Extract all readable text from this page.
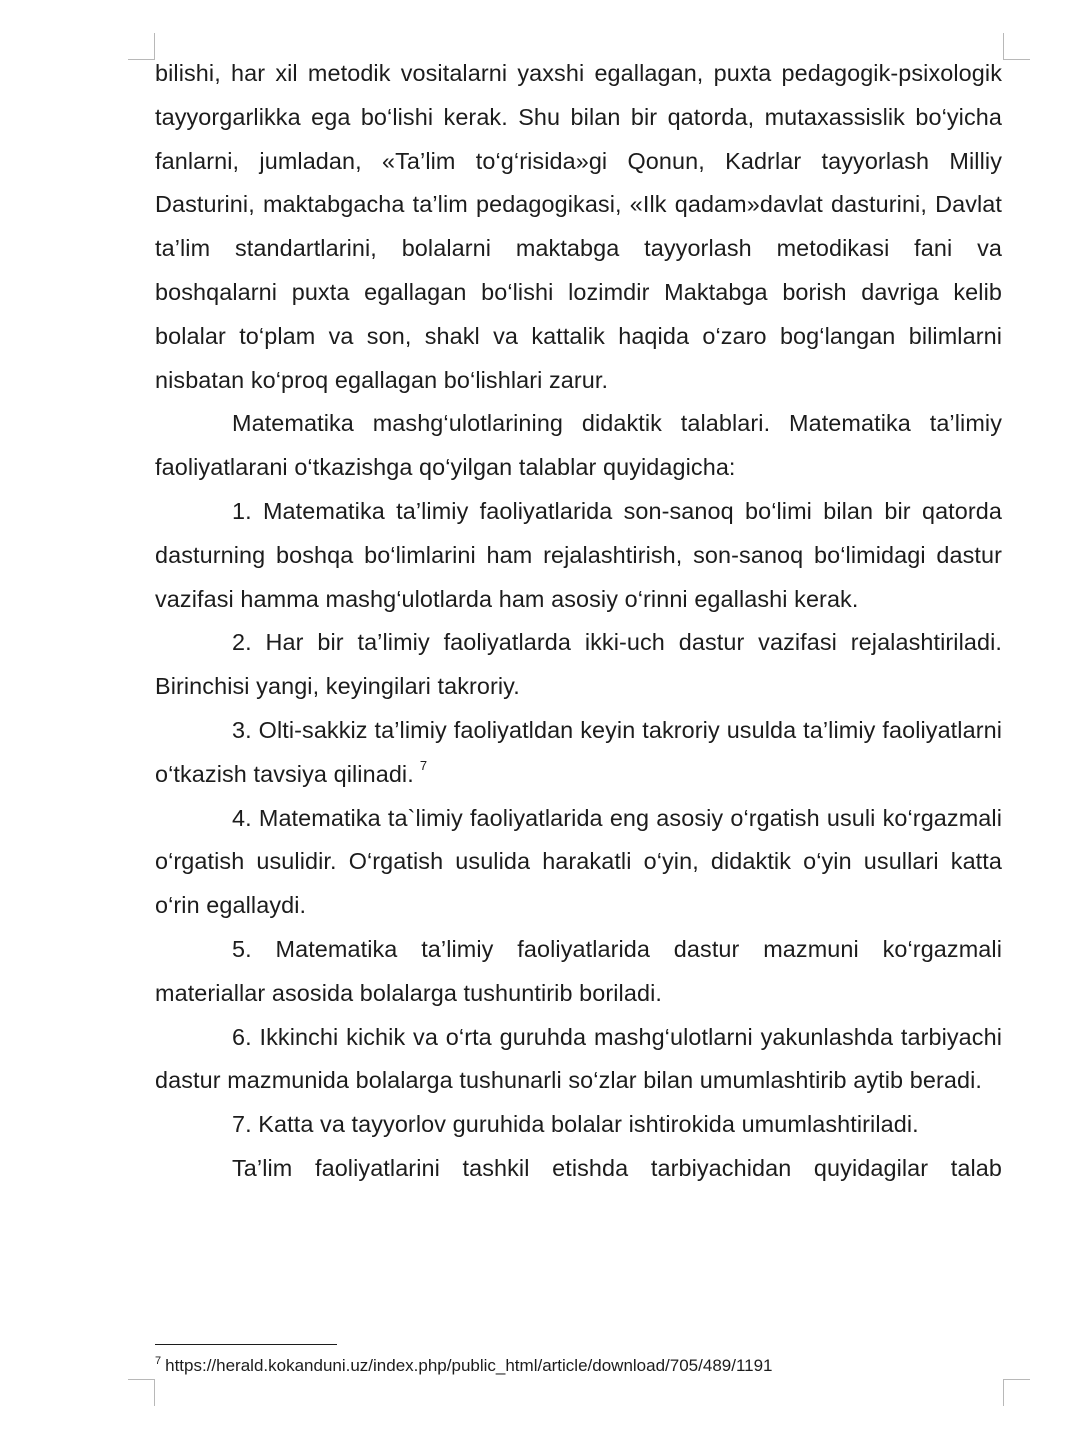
bilishi, har xil metodik vositalarni yaxshi egallagan, puxta pedagogik-psixologik tayyorgarlikka ega bo‘lishi kerak. Shu bilan bir qatorda, mutaxassislik bo‘yicha fanlarni, jumladan, «Ta’lim to‘g‘risida»gi Qonun, Kadrlar tayyorlash Milliy Dasturini, maktabgacha ta’lim pedagogikasi, «Ilk qadam»davlat dasturini, Davlat ta’lim standartlarini, bolalarni maktabga tayyorlash metodikasi fani va boshqalarni puxta egallagan bo‘lishi lozimdir Maktabga borish davriga kelib bolalar to‘plam va son, shakl va kattalik haqida o‘zaro bog‘langan bilimlarni nisbatan ko‘proq egallagan bo‘lishlari zarur.

Matematika mashg‘ulotlarining didaktik talablari. Matematika ta’limiy faoliyatlarani o‘tkazishga qo‘yilgan talablar quyidagicha:

1. Matematika ta’limiy faoliyatlarida son-sanoq bo‘limi bilan bir qatorda dasturning boshqa bo‘limlarini ham rejalashtirish, son-sanoq bo‘limidagi dastur vazifasi hamma mashg‘ulotlarda ham asosiy o‘rinni egallashi kerak.

2. Har bir ta’limiy faoliyatlarda ikki-uch dastur vazifasi rejalashtiriladi. Birinchisi yangi, keyingilari takroriy.

3. Olti-sakkiz ta’limiy faoliyatldan keyin takroriy usulda ta’limiy faoliyatlarni o‘tkazish tavsiya qilinadi. $^7$

4. Matematika ta`limiy faoliyatlarida eng asosiy o‘rgatish usuli ko‘rgazmali o‘rgatish usulidir. O‘rgatish usulida harakatli o‘yin, didaktik o‘yin usullari katta o‘rin egallaydi.

5. Matematika ta’limiy faoliyatlarida dastur mazmuni ko‘rgazmali materiallar asosida bolalarga tushuntirib boriladi.

6. Ikkinchi kichik va o‘rta guruhda mashg‘ulotlarni yakunlashda tarbiyachi dastur mazmunida bolalarga tushunarli so‘zlar bilan umumlashtirib aytib beradi.

7. Katta va tayyorlov guruhida bolalar ishtirokida umumlashtiriladi.

Ta’lim faoliyatlarini tashkil etishda tarbiyachidan quyidagilar talab

$^7$ https://herald.kokanduni.uz/index.php/public_html/article/download/705/489/1191
